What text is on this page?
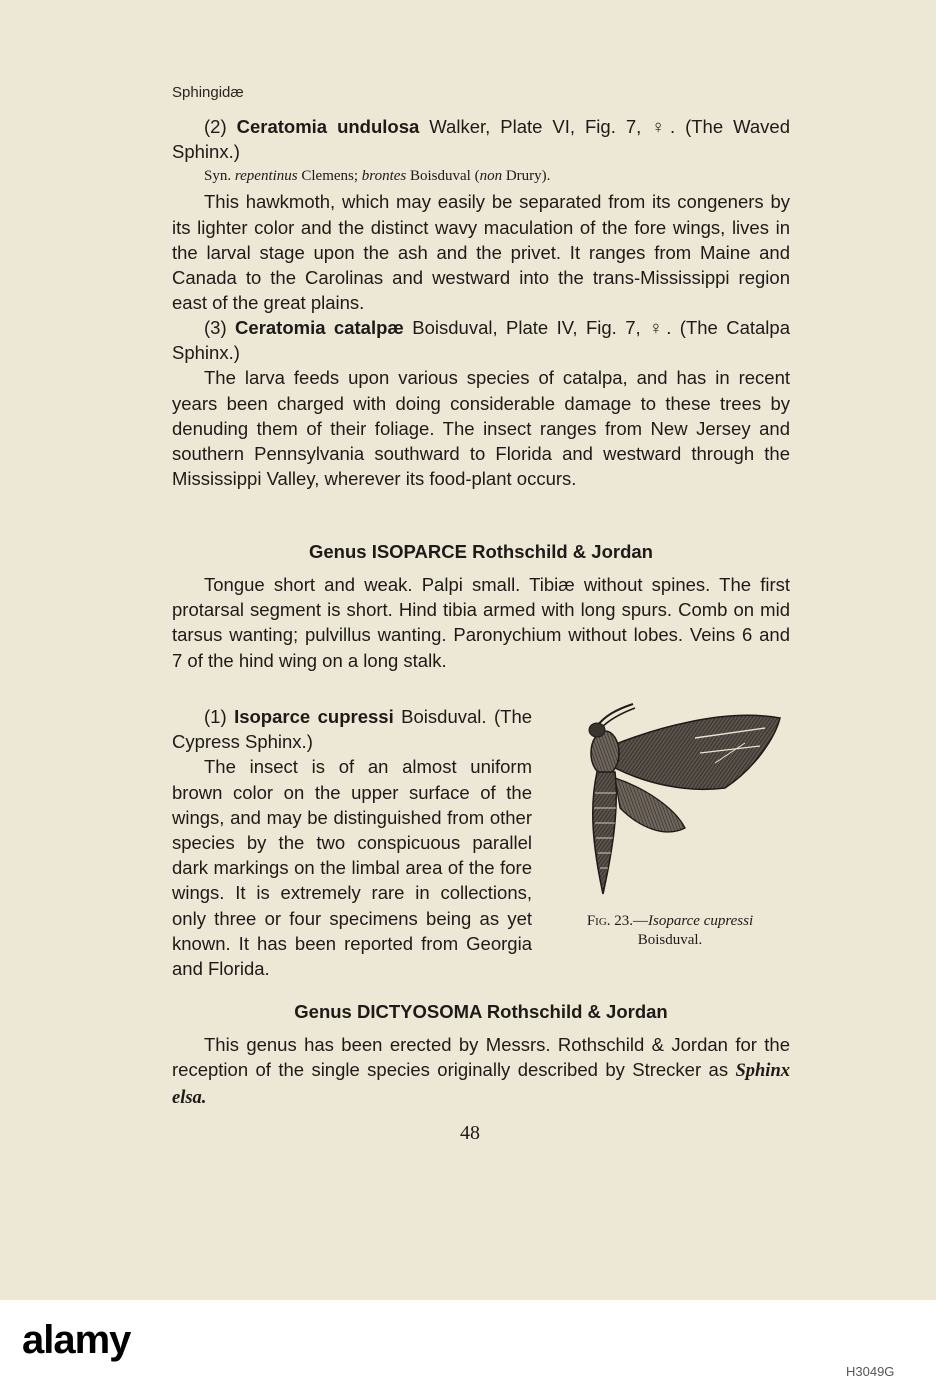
Sphingidæ

(2) Ceratomia undulosa Walker, Plate VI, Fig. 7, ♀. (The Waved Sphinx.)

Syn. repentinus Clemens; brontes Boisduval (non Drury).

This hawkmoth, which may easily be separated from its congeners by its lighter color and the distinct wavy maculation of the fore wings, lives in the larval stage upon the ash and the privet. It ranges from Maine and Canada to the Carolinas and westward into the trans-Mississippi region east of the great plains.

(3) Ceratomia catalpæ Boisduval, Plate IV, Fig. 7, ♀. (The Catalpa Sphinx.)

The larva feeds upon various species of catalpa, and has in recent years been charged with doing considerable damage to these trees by denuding them of their foliage. The insect ranges from New Jersey and southern Pennsylvania southward to Florida and westward through the Mississippi Valley, wherever its food-plant occurs.

Genus ISOPARCE Rothschild & Jordan

Tongue short and weak. Palpi small. Tibiæ without spines. The first protarsal segment is short. Hind tibia armed with long spurs. Comb on mid tarsus wanting; pulvillus wanting. Paronychium without lobes. Veins 6 and 7 of the hind wing on a long stalk.

(1) Isoparce cupressi Boisduval. (The Cypress Sphinx.)

The insect is of an almost uniform brown color on the upper surface of the wings, and may be distinguished from other species by the two conspicuous parallel dark markings on the limbal area of the fore wings. It is extremely rare in collections, only three or four specimens being as yet known. It has been reported from Georgia and Florida.

Fig. 23.—Isoparce cupressi
Boisduval.
Genus DICTYOSOMA Rothschild & Jordan

This genus has been erected by Messrs. Rothschild & Jordan for the reception of the single species originally described by Strecker as Sphinx elsa.

48
alamy
H3049G
